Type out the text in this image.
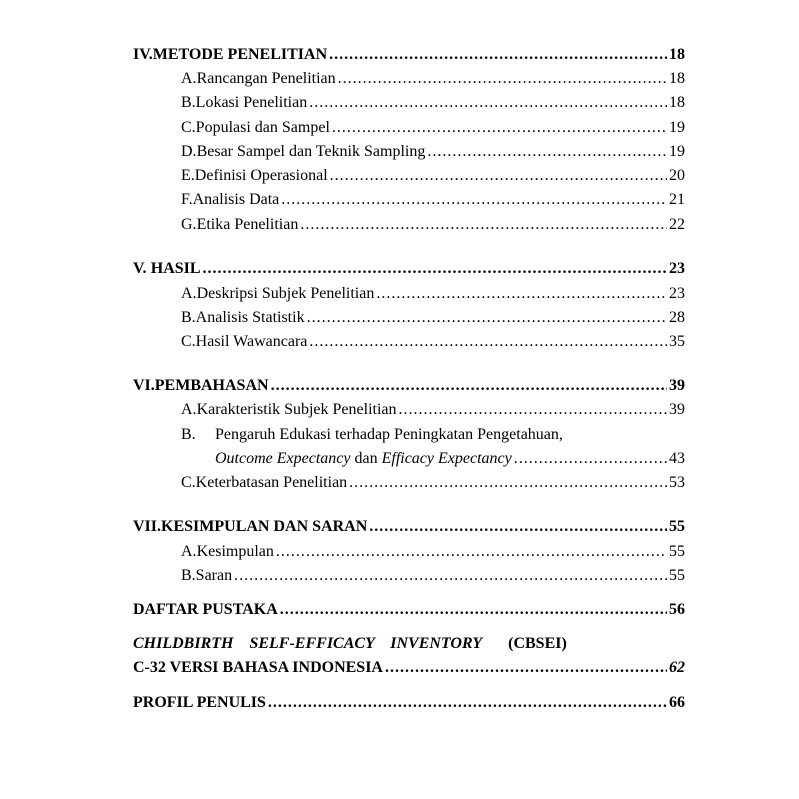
IV. METODE PENELITIAN .....	18
A. Rancangan Penelitian .....	18
B. Lokasi Penelitian .....	18
C. Populasi dan Sampel .....	19
D. Besar Sampel dan Teknik Sampling .....	19
E. Definisi Operasional .....	20
F. Analisis Data .....	21
G. Etika Penelitian .....	22
V. HASIL .....	23
A. Deskripsi Subjek Penelitian .....	23
B. Analisis Statistik .....	28
C. Hasil Wawancara .....	35
VI. PEMBAHASAN .....	39
A. Karakteristik Subjek Penelitian .....	39
B.	Pengaruh Edukasi terhadap Peningkatan Pengetahuan,
Outcome Expectancy dan Efficacy Expectancy .....	43
C. Keterbatasan Penelitian .....	53
VII. KESIMPULAN DAN SARAN .....	55
A. Kesimpulan .....	55
B. Saran .....	55
DAFTAR PUSTAKA .....	56
CHILDBIRTH    SELF-EFFICACY    INVENTORY (CBSEI)
C-32 VERSI BAHASA INDONESIA .....	62
PROFIL PENULIS .....	66
